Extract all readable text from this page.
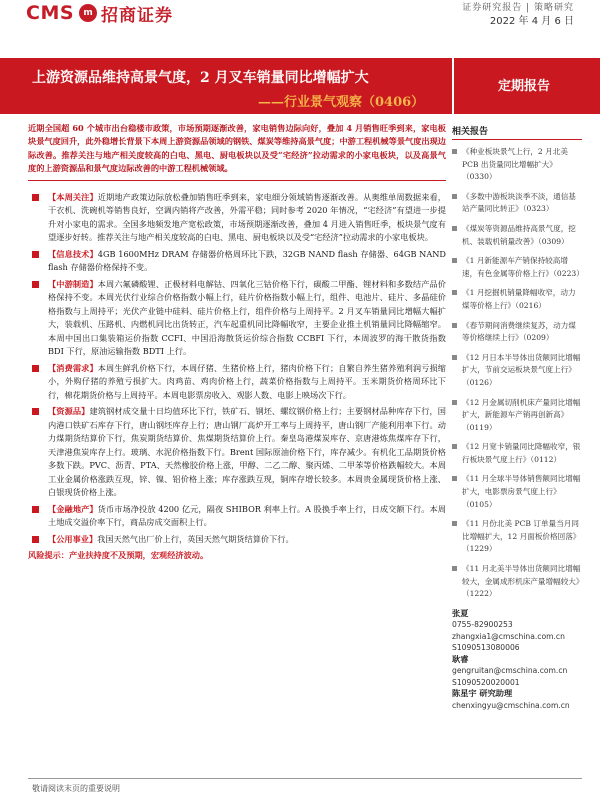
CMS	m 招商证券	证券研究报告 | 策略研究
2022 年 4 月 6 日
上游资源品维持高景气度，2 月叉车销量同比增幅扩大
——行业景气观察（0406）
定期报告

近期全国超 60 个城市出台稳楼市政策，市场预期逐渐改善，家电销售边际向好，叠加 4 月销售旺季到来，家电板块景气度回升，此外稳增长背景下本周上游资源品领域的钢铁、煤炭等维持高景气度；中游工程机械等景气度出现边际改善。推荐关注与地产相关度较高的白电、黑电、厨电板块以及受“宅经济”拉动需求的小家电板块，以及高景气度的上游资源品和景气度边际改善的中游工程机械领域。

【本周关注】近期地产政策边际放松叠加销售旺季到来，家电细分领域销售逐渐改善。从奥维单周数据来看，干衣机、洗碗机等销售良好，空调内销将产改善，外需平稳；同时参考 2020 年情况，“宅经济”有望进一步提升对小家电的需求。全国多地频发地产宽松政策，市场预期逐渐改善，叠加 4 月进入销售旺季，板块景气度有望逐步好转。推荐关注与地产相关度较高的白电、黑电、厨电板块以及受“宅经济”拉动需求的小家电板块。
【信息技术】4GB 1600MHz DRAM 存储器价格周环比下跌，32GB NAND flash 存储器、64GB NAND flash 存储器价格保持不变。
【中游制造】本周六氟磷酸锂、正极材料电解钴、四氧化三钴价格下行，碳酸二甲酯、锂材料和多数结产品价格保持不变。本周光伏行业综合价格指数小幅上行，硅片价格指数小幅上行，组件、电池片、硅片、多晶硅价格指数与上周持平；光伏产业链中硅料、硅片价格上行，组件价格与上周持平。2 月叉车销量同比增幅大幅扩大，装载机、压路机、内燃机同比出货转正，汽车起重机同比降幅收窄，主要企业推土机销量同比降幅缩窄。本周中国出口集装箱运价指数 CCFI、中国沿海散货运价综合指数 CCBFI 下行，本周波罗的海干散货指数 BDI 下行，原油运输指数 BDTI 上行。
【消费需求】本周生鲜乳价格下行，本周仔猪、生猪价格上行，猪肉价格下行；自繁自养生猪养殖利润亏损缩小，外购仔猪的养殖亏损扩大。肉鸡苗、鸡肉价格上行，蔬菜价格指数与上周持平。玉米期货价格周环比下行，棉花期货价格与上周持平。本周电影票房收入、观影人数、电影上映场次下行。
【资源品】建筑钢材成交量十日均值环比下行，铁矿石、钢坯、螺纹钢价格上行；主要钢材品种库存下行，国内港口铁矿石库存下行，唐山钢坯库存上行；唐山钢厂高炉开工率与上周持平，唐山钢厂产能利用率下行。动力煤期货结算价下行，焦炭期货结算价、焦煤期货结算价上行。秦皇岛港煤炭库存、京唐港炼焦煤库存下行，天津港焦炭库存上行。玻璃、水泥价格指数下行。Brent 国际原油价格下行，库存减少。有机化工品期货价格多数下跌。PVC、沥青、PTA、天然橡胶价格上涨，甲醇、二乙二醇、聚丙烯、二甲苯等价格跌幅较大。本周工业金属价格涨跌互现，锌、镍、铝价格上涨；库存涨跌互现，铜库存增长较多。本周贵金属现货价格上涨、白银现货价格上涨。
【金融地产】货币市场净投放 4200 亿元，隔夜 SHIBOR 利率上行。A 股换手率上行，日成交额下行。本周土地成交溢价率下行，商品房成交面积上行。
【公用事业】我国天然气出厂价上行，英国天然气期货结算价下行。

风险提示：产业扶持度不及预期，宏观经济波动。

相关报告
《种业板块景气上行，2 月北美 PCB 出货量同比增幅扩大》（0330）
《多数中游板块淡季不淡，通信基站产量同比转正》（0323）
《煤炭等资源品维持高景气度，挖机、装载机销量改善》（0309）
《1 月新能源车产销保持较高增速，有色金属等价格上行》（0223）
《1 月挖掘机销量降幅收窄，动力煤等价格上行》（0216）
《春节期间消费继续复苏，动力煤等价格继续上行》（0209）
《12 月日本半导体出货额同比增幅扩大，节前交运板块景气度上行》（0126）
《12 月金属切削机床产量同比增幅扩大，新能源车产销再创新高》（0119）
《12 月宽卡销量同比降幅收窄，银行板块景气度上行》（0112）
《11 月全球半导体销售额同比增幅扩大，电影票房景气度上行》（0105）
《11 月份北美 PCB 订单量当月同比增幅扩大，12 月面板价格回落》（1229）
《11 月北美半导体出货额同比增幅较大，金属成形机床产量增幅较大》（1222）
张夏
0755-82900253
zhangxia1@cmschina.com.cn
S1090513080006
耿睿
gengruitan@cmschina.com.cn
S1090520020001
陈星宇 研究助理
chenxingyu@cmschina.com.cn
敬请阅读末页的重要说明
